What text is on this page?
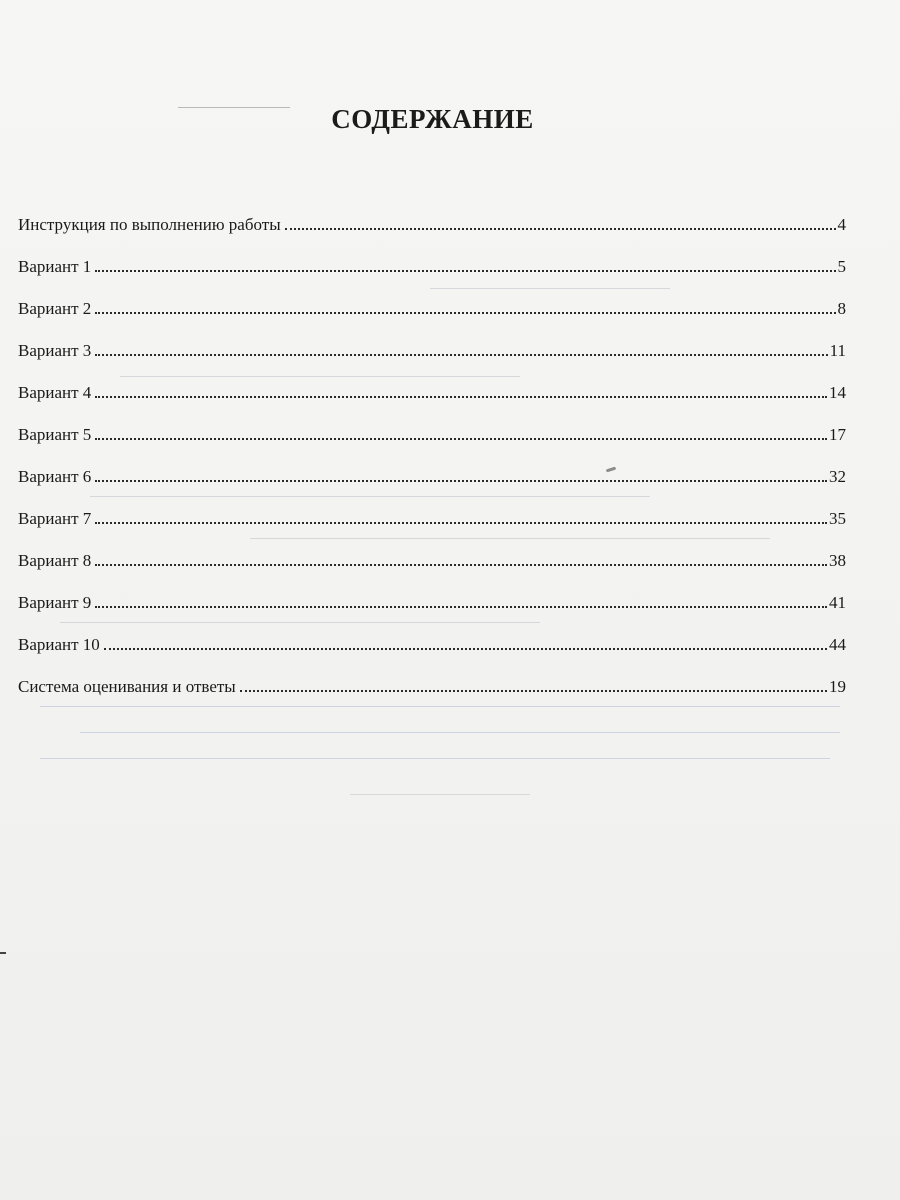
СОДЕРЖАНИЕ
Инструкция по выполнению работы	4
Вариант 1	5
Вариант 2	8
Вариант 3	11
Вариант 4	14
Вариант 5	17
Вариант 6	32
Вариант 7	35
Вариант 8	38
Вариант 9	41
Вариант 10	44
Система оценивания и ответы	19
